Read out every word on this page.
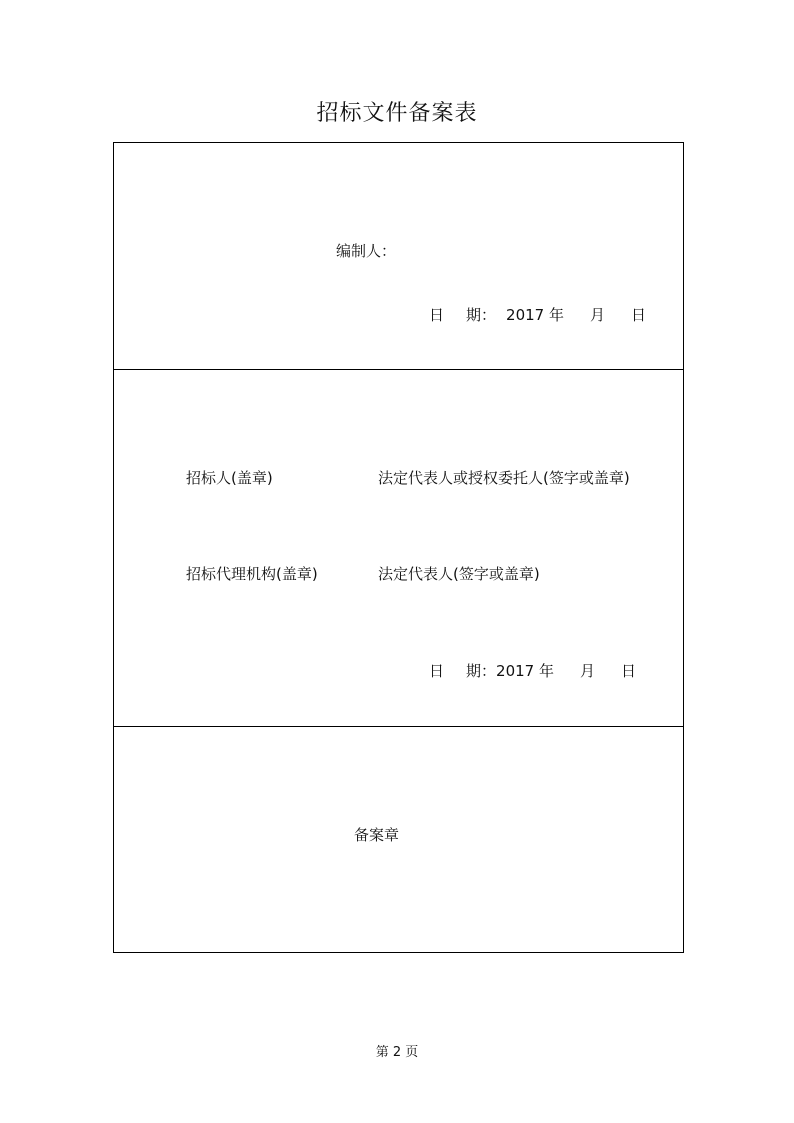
招标文件备案表
编制人：
日 期： 2017 年 月 日
招标人(盖章)	法定代表人或授权委托人(签字或盖章)
招标代理机构(盖章)	法定代表人(签字或盖章)
日 期：2017 年 月 日
备案章
第 2 页
